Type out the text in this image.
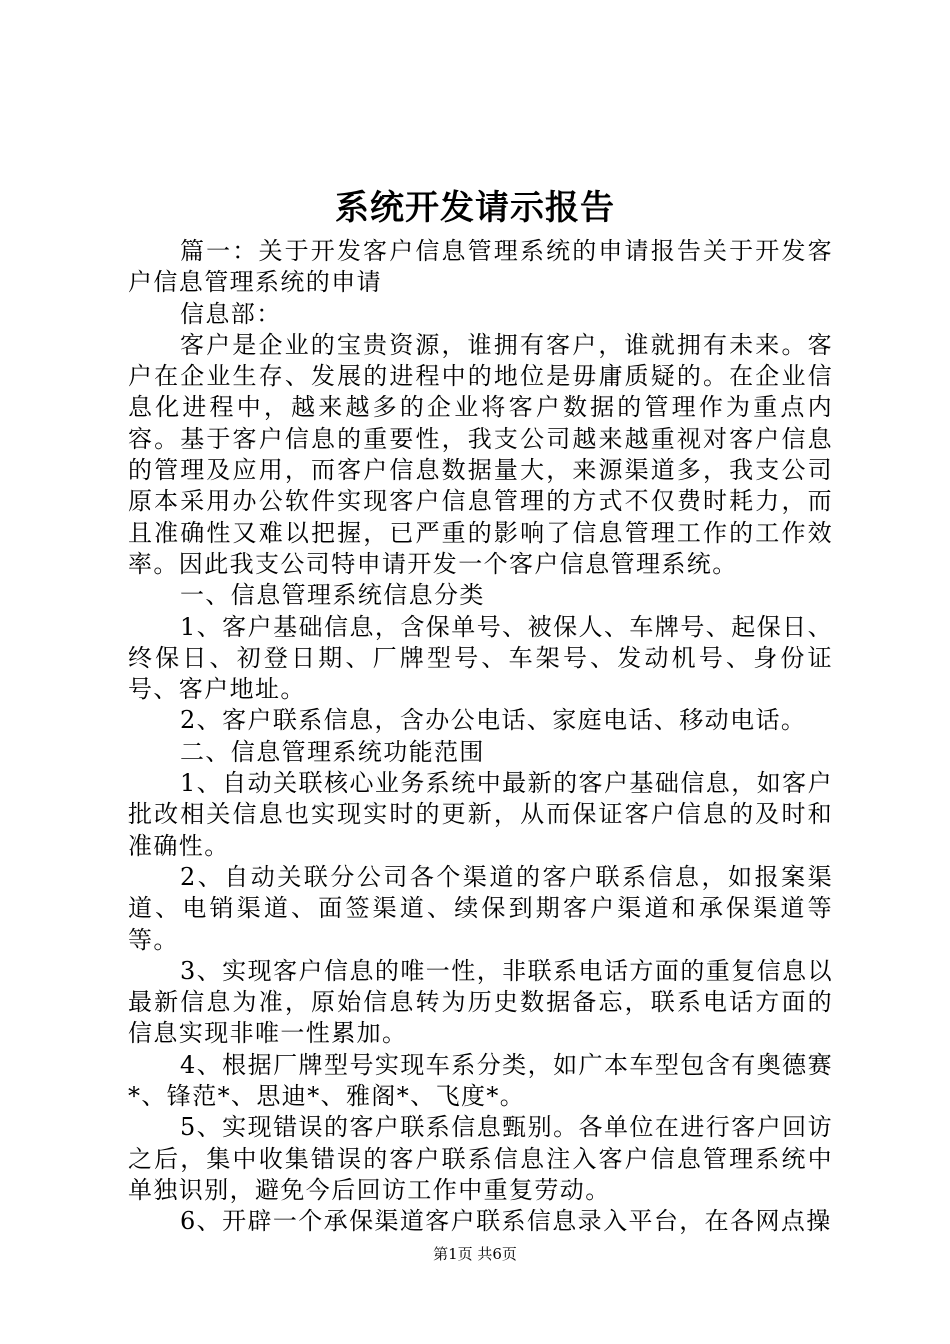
系统开发请示报告

篇一：关于开发客户信息管理系统的申请报告关于开发客户信息管理系统的申请

信息部：

客户是企业的宝贵资源，谁拥有客户，谁就拥有未来。客户在企业生存、发展的进程中的地位是毋庸质疑的。在企业信息化进程中，越来越多的企业将客户数据的管理作为重点内容。基于客户信息的重要性，我支公司越来越重视对客户信息的管理及应用，而客户信息数据量大，来源渠道多，我支公司原本采用办公软件实现客户信息管理的方式不仅费时耗力，而且准确性又难以把握，已严重的影响了信息管理工作的工作效率。因此我支公司特申请开发一个客户信息管理系统。

一、信息管理系统信息分类

1、客户基础信息，含保单号、被保人、车牌号、起保日、终保日、初登日期、厂牌型号、车架号、发动机号、身份证号、客户地址。

2、客户联系信息，含办公电话、家庭电话、移动电话。

二、信息管理系统功能范围

1、自动关联核心业务系统中最新的客户基础信息，如客户批改相关信息也实现实时的更新，从而保证客户信息的及时和准确性。

2、自动关联分公司各个渠道的客户联系信息，如报案渠道、电销渠道、面签渠道、续保到期客户渠道和承保渠道等等。

3、实现客户信息的唯一性，非联系电话方面的重复信息以最新信息为准，原始信息转为历史数据备忘，联系电话方面的信息实现非唯一性累加。

4、根据厂牌型号实现车系分类，如广本车型包含有奥德赛*、锋范*、思迪*、雅阁*、飞度*。

5、实现错误的客户联系信息甄别。各单位在进行客户回访之后，集中收集错误的客户联系信息注入客户信息管理系统中单独识别，避免今后回访工作中重复劳动。

6、开辟一个承保渠道客户联系信息录入平台，在各网点操

第1页 共6页
